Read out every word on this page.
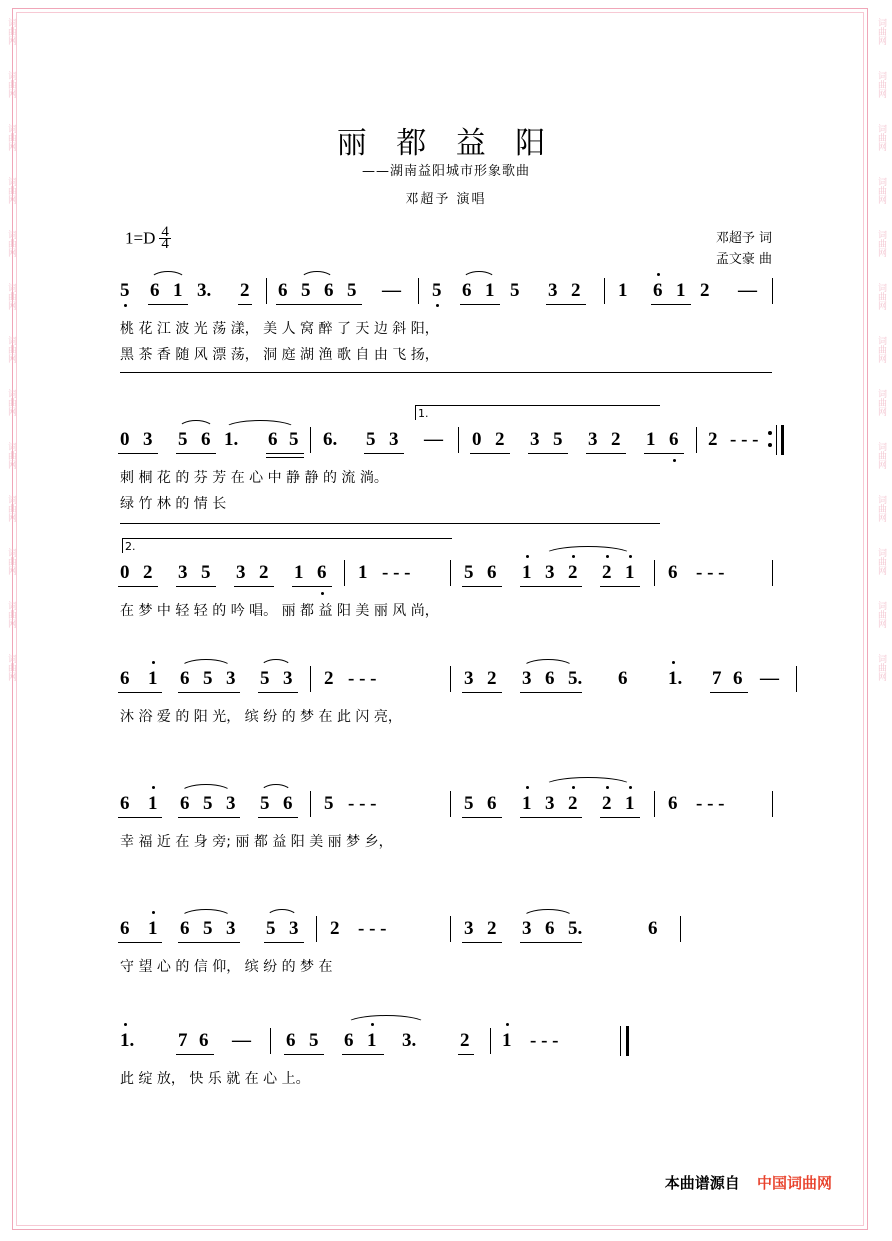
词曲网
词曲网
词曲网
词曲网
词曲网
词曲网
词曲网
词曲网
词曲网
词曲网
词曲网
词曲网
词曲网
词曲网
词曲网
词曲网
词曲网
词曲网
词曲网
词曲网
词曲网
词曲网
词曲网
词曲网
词曲网
词曲网
丽 都 益 阳
——湖南益阳城市形象歌曲
邓超予 演唱
$1=D \frac{4}{4}$	邓超予 词
孟文豪 曲
5 6 1 3. 2 6 5 6 5 — 5 6 1 5 3 2 1 6 1 2 —
桃 花 江 波 光 荡 漾， 美 人 窝 醉 了 天 边 斜 阳，
黑 茶 香 随 风 漂 荡， 洞 庭 湖 渔 歌 自 由 飞 扬，
1.
0 3 5 6 1. 6 5 6. 5 3 — 0 2 3 5 3 2 1 6 2 - - -
刺 桐 花 的 芬 芳 在 心 中 静 静 的 流 淌。
绿 竹 林 的 情 长
2.
0 2 3 5 3 2 1 6 1 - - -	5 6 1 3 2 2 1 6 - - -
在 梦 中 轻 轻 的 吟 唱。 丽 都 益 阳 美 丽 风 尚，
6 1 6 5 3 5 3 2 - - -	3 2 3 6 5. 6 1. 7 6 —
沐 浴 爱 的 阳 光， 缤 纷 的 梦 在 此 闪 亮，
6 1 6 5 3 5 6 5 - - -	5 6 1 3 2 2 1 6 - - -
幸 福 近 在 身 旁; 丽 都 益 阳 美 丽 梦 乡，
6 1 6 5 3 5 3 2 - - -	3 2 3 6 5.	6
守 望 心 的 信 仰， 缤 纷 的 梦 在
1. 7 6 — 6 5 6 1 3. 2 1 - - -
此 绽 放， 快 乐 就 在 心 上。
本曲谱源自 中国词曲网
